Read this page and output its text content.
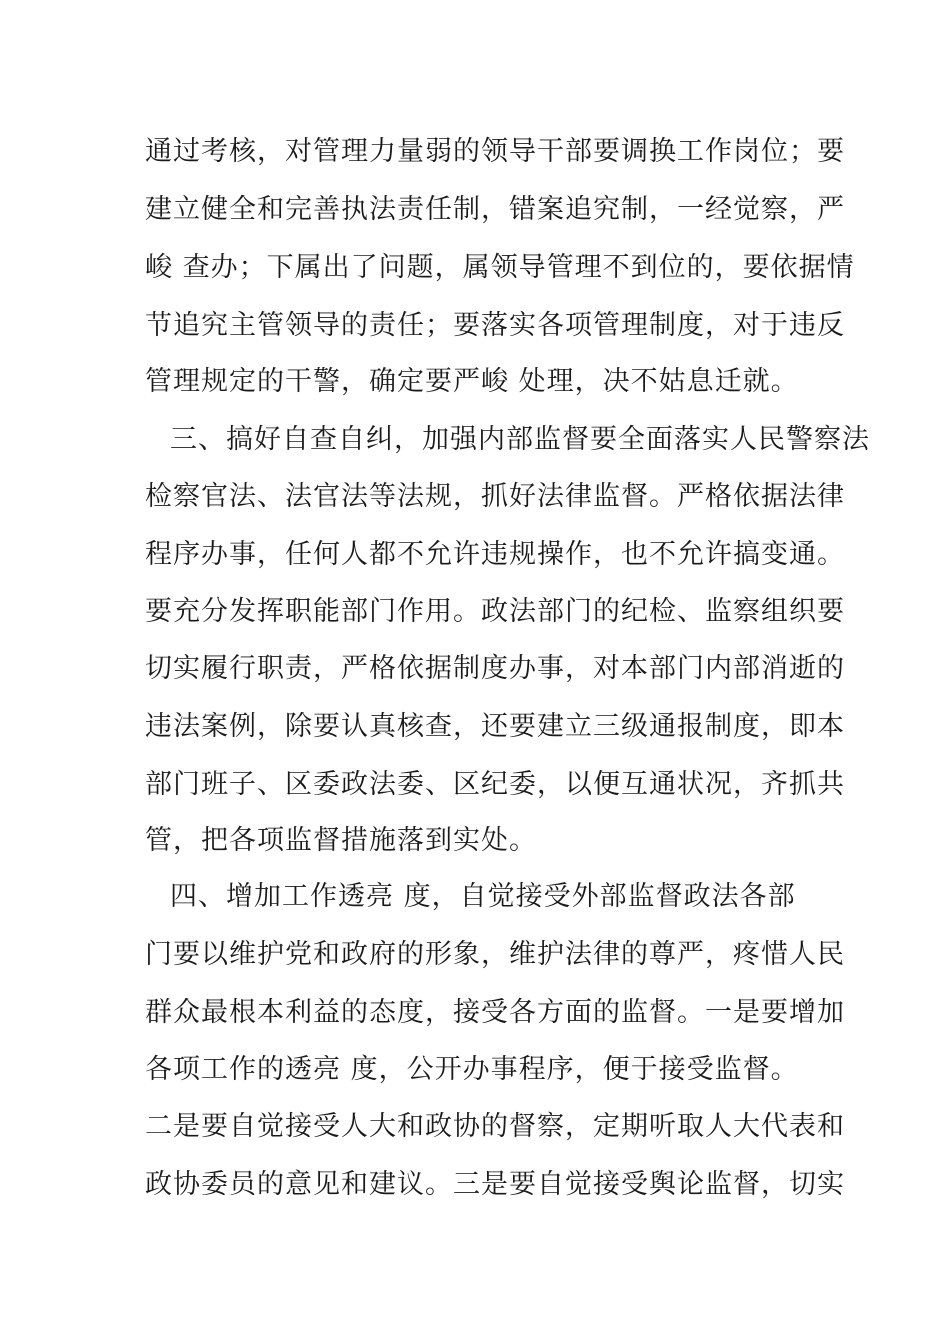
通过考核，对管理力量弱的领导干部要调换工作岗位；要
建立健全和完善执法责任制，错案追究制，一经觉察，严
峻 查办；下属出了问题，属领导管理不到位的，要依据情
节追究主管领导的责任；要落实各项管理制度，对于违反
管理规定的干警，确定要严峻 处理，决不姑息迁就。
三、搞好自查自纠，加强内部监督要全面落实人民警察法
检察官法、法官法等法规，抓好法律监督。严格依据法律
程序办事，任何人都不允许违规操作，也不允许搞变通。
要充分发挥职能部门作用。政法部门的纪检、监察组织要
切实履行职责，严格依据制度办事，对本部门内部消逝的
违法案例，除要认真核查，还要建立三级通报制度，即本
部门班子、区委政法委、区纪委，以便互通状况，齐抓共
管，把各项监督措施落到实处。
四、增加工作透亮 度，自觉接受外部监督政法各部
门要以维护党和政府的形象，维护法律的尊严，疼惜人民
群众最根本利益的态度，接受各方面的监督。一是要增加
各项工作的透亮 度，公开办事程序，便于接受监督。
二是要自觉接受人大和政协的督察，定期听取人大代表和
政协委员的意见和建议。三是要自觉接受舆论监督，切实
